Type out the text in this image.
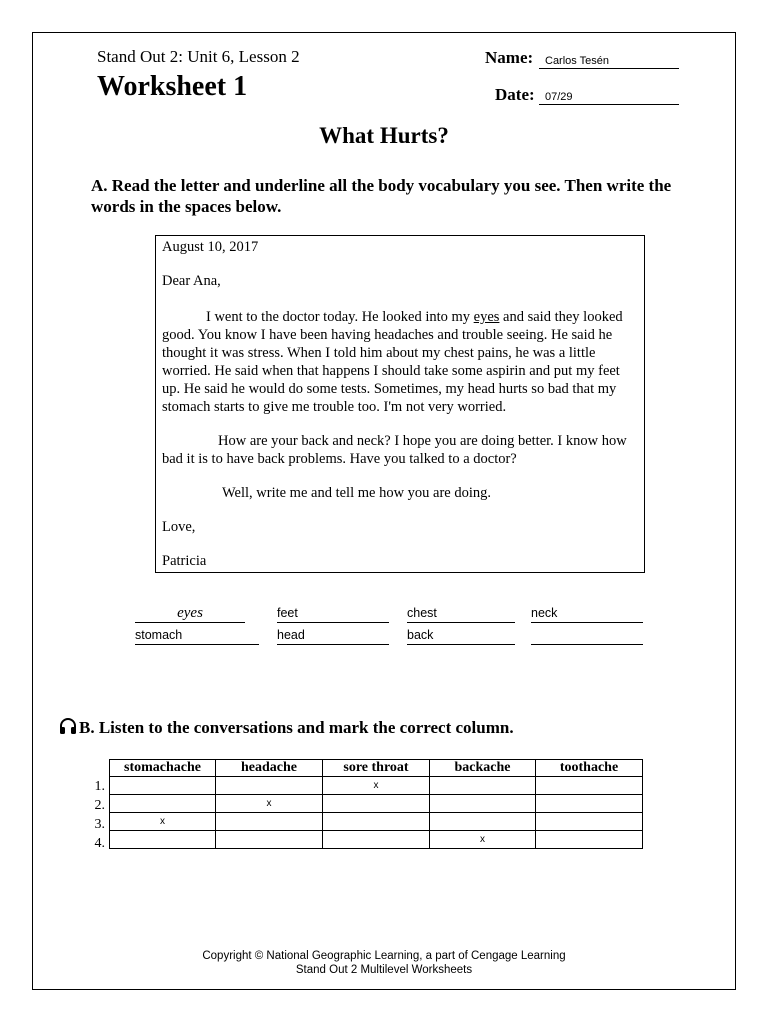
Stand Out 2: Unit 6, Lesson 2
Worksheet 1
Name:	Carlos Tesén
Date: 07/29
What Hurts?
A. Read the letter and underline all the body vocabulary you see. Then write the words in the spaces below.

August 10, 2017

Dear Ana,

I went to the doctor today. He looked into my eyes and said they looked good. You know I have been having headaches and trouble seeing. He said he thought it was stress. When I told him about my chest pains, he was a little worried. He said when that happens I should take some aspirin and put my feet up. He said he would do some tests. Sometimes, my head hurts so bad that my stomach starts to give me trouble too. I'm not very worried.

How are your back and neck? I hope you are doing better. I know how bad it is to have back problems. Have you talked to a doctor?

Well, write me and tell me how you are doing.

Love,

Patricia

eyes	feet	chest	neck
stomach	head	back
B. Listen to the conversations and mark the correct column.
1.
2.
3.
4.
stomachache	headache	sore throat	backache	toothache
		x		
	x			
x				
			x	
Copyright © National Geographic Learning, a part of Cengage Learning
Stand Out 2 Multilevel Worksheets
